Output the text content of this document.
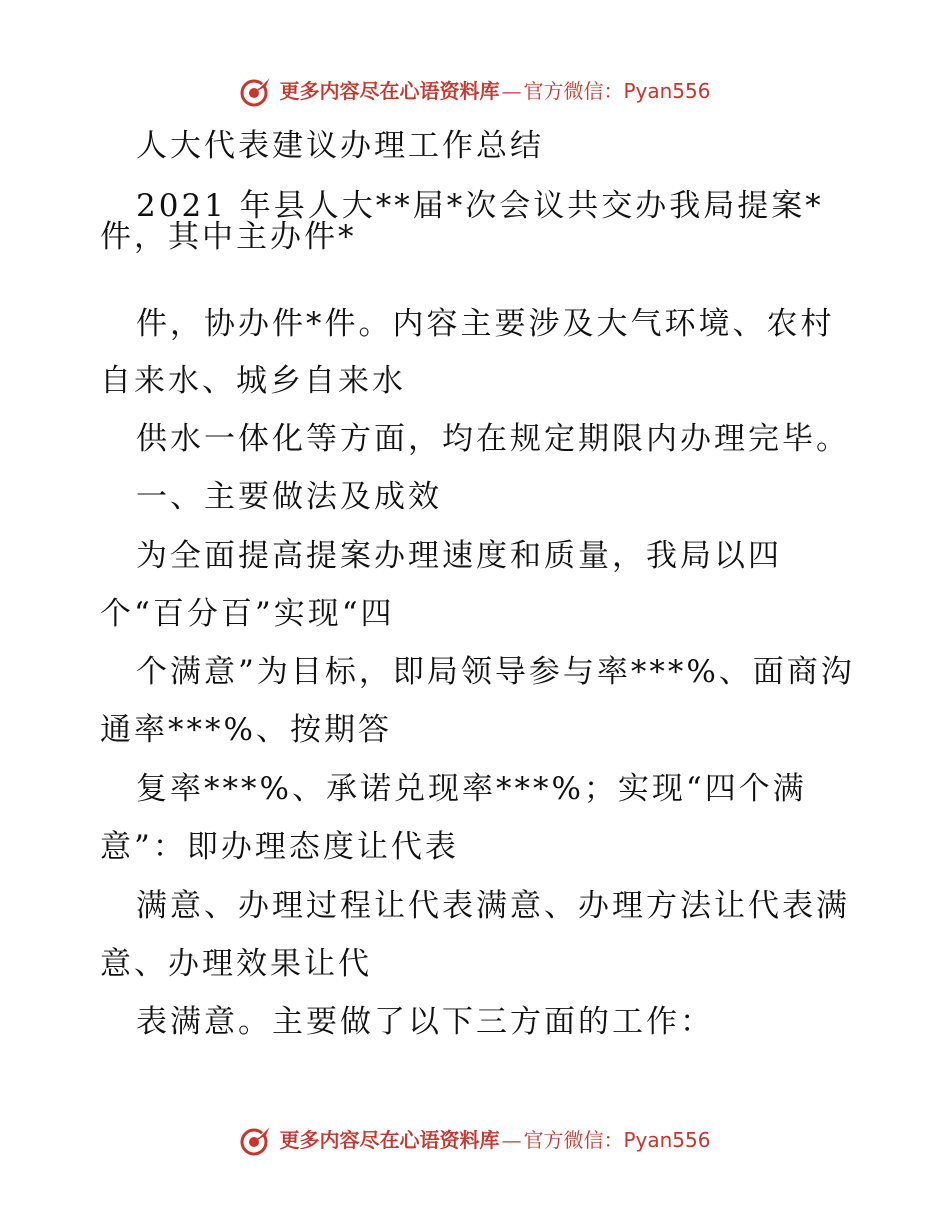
更多内容尽在心语资料库 — 官方微信：Pyan556
人大代表建议办理工作总结
2021 年县人大**届*次会议共交办我局提案*
件，其中主办件*
件，协办件*件。内容主要涉及大气环境、农村
自来水、城乡自来水
供水一体化等方面，均在规定期限内办理完毕。
一、主要做法及成效
为全面提高提案办理速度和质量，我局以四
个“百分百”实现“四
个满意”为目标，即局领导参与率***%、面商沟
通率***%、按期答
复率***%、承诺兑现率***%；实现“四个满
意”：即办理态度让代表
满意、办理过程让代表满意、办理方法让代表满
意、办理效果让代
表满意。主要做了以下三方面的工作：
更多内容尽在心语资料库 — 官方微信：Pyan556
